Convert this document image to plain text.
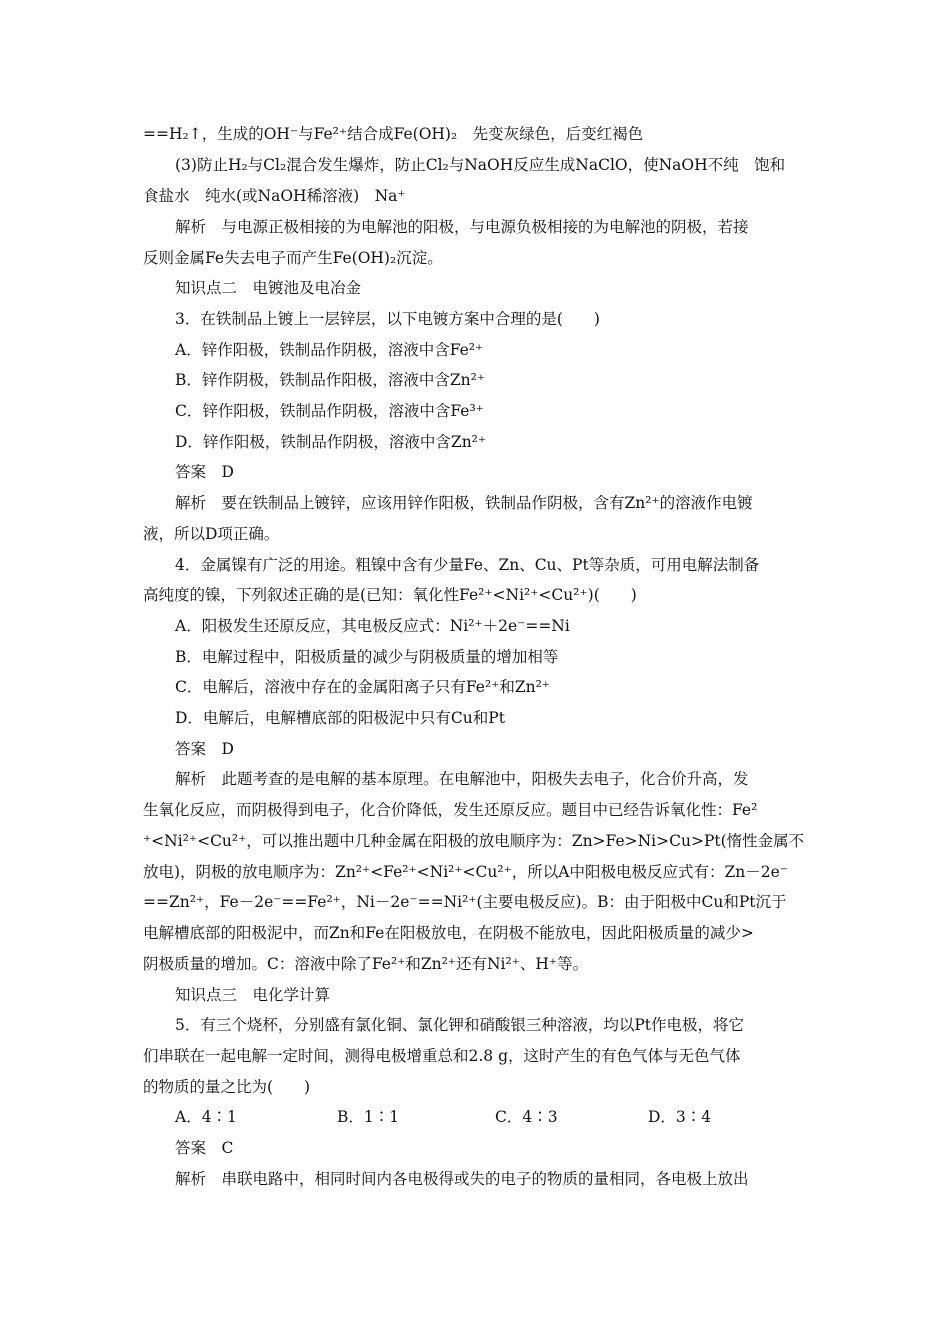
==H₂↑，生成的OH⁻与Fe²⁺结合成Fe(OH)₂　先变灰绿色，后变红褐色
(3)防止H₂与Cl₂混合发生爆炸，防止Cl₂与NaOH反应生成NaClO，使NaOH不纯　饱和
食盐水　纯水(或NaOH稀溶液)　Na⁺
解析　与电源正极相接的为电解池的阳极，与电源负极相接的为电解池的阴极，若接
反则金属Fe失去电子而产生Fe(OH)₂沉淀。
知识点二　电镀池及电冶金
3．在铁制品上镀上一层锌层，以下电镀方案中合理的是(　　)
A．锌作阳极，铁制品作阴极，溶液中含Fe²⁺
B．锌作阴极，铁制品作阳极，溶液中含Zn²⁺
C．锌作阳极，铁制品作阴极，溶液中含Fe³⁺
D．锌作阳极，铁制品作阴极，溶液中含Zn²⁺
答案　D
解析　要在铁制品上镀锌，应该用锌作阳极，铁制品作阴极，含有Zn²⁺的溶液作电镀
液，所以D项正确。
4．金属镍有广泛的用途。粗镍中含有少量Fe、Zn、Cu、Pt等杂质，可用电解法制备
高纯度的镍，下列叙述正确的是(已知：氧化性Fe²⁺<Ni²⁺<Cu²⁺)(　　)
A．阳极发生还原反应，其电极反应式：Ni²⁺＋2e⁻==Ni
B．电解过程中，阳极质量的减少与阴极质量的增加相等
C．电解后，溶液中存在的金属阳离子只有Fe²⁺和Zn²⁺
D．电解后，电解槽底部的阳极泥中只有Cu和Pt
答案　D
解析　此题考查的是电解的基本原理。在电解池中，阳极失去电子，化合价升高，发
生氧化反应，而阴极得到电子，化合价降低，发生还原反应。题目中已经告诉氧化性：Fe²
⁺<Ni²⁺<Cu²⁺，可以推出题中几种金属在阳极的放电顺序为：Zn>Fe>Ni>Cu>Pt(惰性金属不
放电)，阴极的放电顺序为：Zn²⁺<Fe²⁺<Ni²⁺<Cu²⁺，所以A中阳极电极反应式有：Zn－2e⁻
==Zn²⁺，Fe－2e⁻==Fe²⁺，Ni－2e⁻==Ni²⁺(主要电极反应)。B：由于阳极中Cu和Pt沉于
电解槽底部的阳极泥中，而Zn和Fe在阳极放电，在阴极不能放电，因此阳极质量的减少>
阴极质量的增加。C：溶液中除了Fe²⁺和Zn²⁺还有Ni²⁺、H⁺等。
知识点三　电化学计算
5．有三个烧杯，分别盛有氯化铜、氯化钾和硝酸银三种溶液，均以Pt作电极，将它
们串联在一起电解一定时间，测得电极增重总和2.8 g，这时产生的有色气体与无色气体
的物质的量之比为(　　)
A．4∶1	B．1∶1	C．4∶3	D．3∶4
答案　C
解析　串联电路中，相同时间内各电极得或失的电子的物质的量相同，各电极上放出
